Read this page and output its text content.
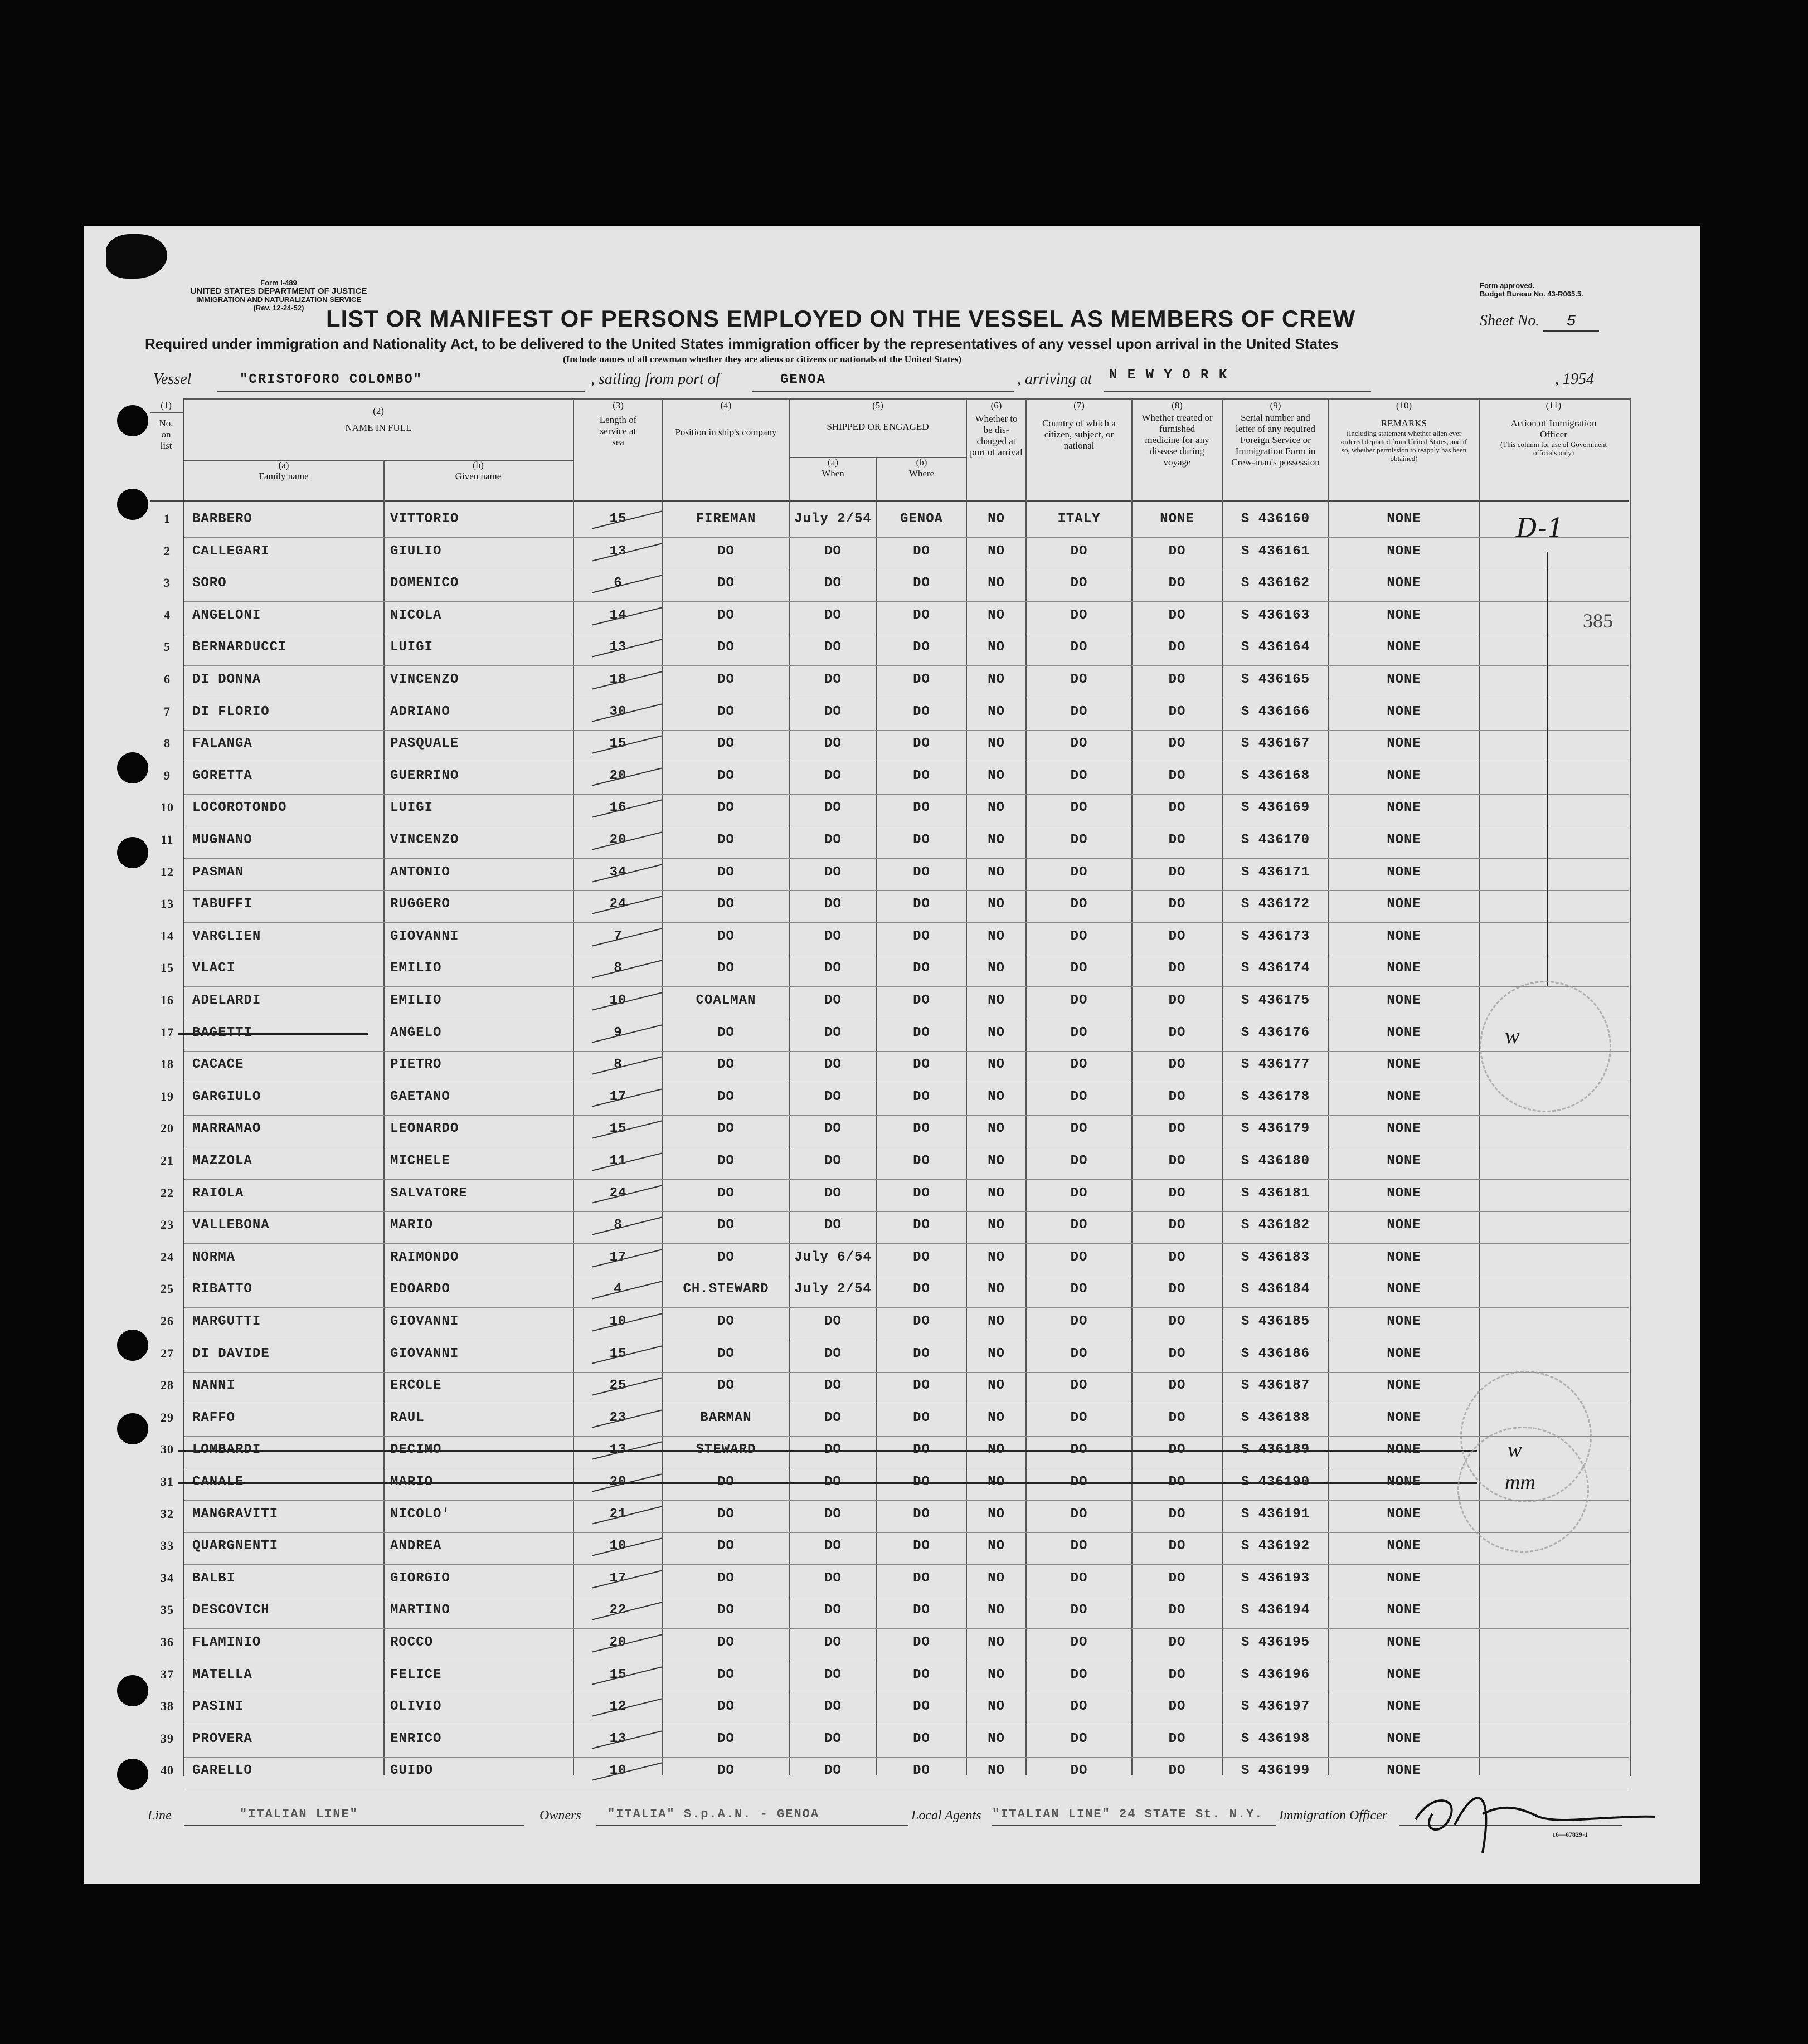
Form I-489
UNITED STATES DEPARTMENT OF JUSTICE
IMMIGRATION AND NATURALIZATION SERVICE
(Rev. 12-24-52)
Form approved.
Budget Bureau No. 43-R065.5.
LIST OR MANIFEST OF PERSONS EMPLOYED ON THE VESSEL AS MEMBERS OF CREW	Sheet No. 5
Required under immigration and Nationality Act, to be delivered to the United States immigration officer by the representatives of any vessel upon arrival in the United States
(Include names of all crewman whether they are aliens or citizens or nationals of the United States)
Vessel	"CRISTOFORO COLOMBO"	, sailing from port of	GENOA	, arriving at N E W Y O R K	, 1954
(1)
No. on list
(2)
NAME IN FULL
(a)
Family name
(b)
Given name
(3)
Length of service at sea
(4)
Position in ship's company
(5)
SHIPPED OR ENGAGED
(a)
When
(b)
Where
(6)
Whether to be dis-charged at port of arrival
(7)
Country of which a citizen, subject, or national
(8)
Whether treated or furnished medicine for any disease during voyage
(9)
Serial number and letter of any required Foreign Service or Immigration Form in Crew-man's possession
(10)
REMARKS
(Including statement whether alien ever ordered deported from United States, and if so, whether permission to reapply has been obtained)
(11)
Action of Immigration Officer
(This column for use of Government officials only)
1	BARBERO	VITTORIO	15	FIREMAN	July 2/54	GENOA	NO	ITALY	NONE	S 436160	NONE
2	CALLEGARI	GIULIO	13	DO	DO	DO	NO	DO	DO	S 436161	NONE
3	SORO	DOMENICO	6	DO	DO	DO	NO	DO	DO	S 436162	NONE
4	ANGELONI	NICOLA	14	DO	DO	DO	NO	DO	DO	S 436163	NONE
5	BERNARDUCCI	LUIGI	13	DO	DO	DO	NO	DO	DO	S 436164	NONE
6	DI DONNA	VINCENZO	18	DO	DO	DO	NO	DO	DO	S 436165	NONE
7	DI FLORIO	ADRIANO	30	DO	DO	DO	NO	DO	DO	S 436166	NONE
8	FALANGA	PASQUALE	15	DO	DO	DO	NO	DO	DO	S 436167	NONE
9	GORETTA	GUERRINO	20	DO	DO	DO	NO	DO	DO	S 436168	NONE
10	LOCOROTONDO	LUIGI	16	DO	DO	DO	NO	DO	DO	S 436169	NONE
11	MUGNANO	VINCENZO	20	DO	DO	DO	NO	DO	DO	S 436170	NONE
12	PASMAN	ANTONIO	34	DO	DO	DO	NO	DO	DO	S 436171	NONE
13	TABUFFI	RUGGERO	24	DO	DO	DO	NO	DO	DO	S 436172	NONE
14	VARGLIEN	GIOVANNI	7	DO	DO	DO	NO	DO	DO	S 436173	NONE
15	VLACI	EMILIO	8	DO	DO	DO	NO	DO	DO	S 436174	NONE
16	ADELARDI	EMILIO	10	COALMAN	DO	DO	NO	DO	DO	S 436175	NONE
17	BAGETTI	ANGELO	9	DO	DO	DO	NO	DO	DO	S 436176	NONE
18	CACACE	PIETRO	8	DO	DO	DO	NO	DO	DO	S 436177	NONE
19	GARGIULO	GAETANO	17	DO	DO	DO	NO	DO	DO	S 436178	NONE
20	MARRAMAO	LEONARDO	15	DO	DO	DO	NO	DO	DO	S 436179	NONE
21	MAZZOLA	MICHELE	11	DO	DO	DO	NO	DO	DO	S 436180	NONE
22	RAIOLA	SALVATORE	24	DO	DO	DO	NO	DO	DO	S 436181	NONE
23	VALLEBONA	MARIO	8	DO	DO	DO	NO	DO	DO	S 436182	NONE
24	NORMA	RAIMONDO	17	DO	July 6/54	DO	NO	DO	DO	S 436183	NONE
25	RIBATTO	EDOARDO	4	CH.STEWARD	July 2/54	DO	NO	DO	DO	S 436184	NONE
26	MARGUTTI	GIOVANNI	10	DO	DO	DO	NO	DO	DO	S 436185	NONE
27	DI DAVIDE	GIOVANNI	15	DO	DO	DO	NO	DO	DO	S 436186	NONE
28	NANNI	ERCOLE	25	DO	DO	DO	NO	DO	DO	S 436187	NONE
29	RAFFO	RAUL	23	BARMAN	DO	DO	NO	DO	DO	S 436188	NONE
30	LOMBARDI	DECIMO	13	STEWARD	DO	DO	NO	DO	DO	S 436189	NONE
31	CANALE	MARIO	20	DO	DO	DO	NO	DO	DO	S 436190	NONE
32	MANGRAVITI	NICOLO'	21	DO	DO	DO	NO	DO	DO	S 436191	NONE
33	QUARGNENTI	ANDREA	10	DO	DO	DO	NO	DO	DO	S 436192	NONE
34	BALBI	GIORGIO	17	DO	DO	DO	NO	DO	DO	S 436193	NONE
35	DESCOVICH	MARTINO	22	DO	DO	DO	NO	DO	DO	S 436194	NONE
36	FLAMINIO	ROCCO	20	DO	DO	DO	NO	DO	DO	S 436195	NONE
37	MATELLA	FELICE	15	DO	DO	DO	NO	DO	DO	S 436196	NONE
38	PASINI	OLIVIO	12	DO	DO	DO	NO	DO	DO	S 436197	NONE
39	PROVERA	ENRICO	13	DO	DO	DO	NO	DO	DO	S 436198	NONE
40	GARELLO	GUIDO	10	DO	DO	DO	NO	DO	DO	S 436199	NONE
D-1
385
w
w
mm
Line	"ITALIAN LINE"	Owners "ITALIA" S.p.A.N. - GENOA	Local Agents "ITALIAN LINE" 24 STATE St. N.Y. Immigration Officer
16—67829-1
